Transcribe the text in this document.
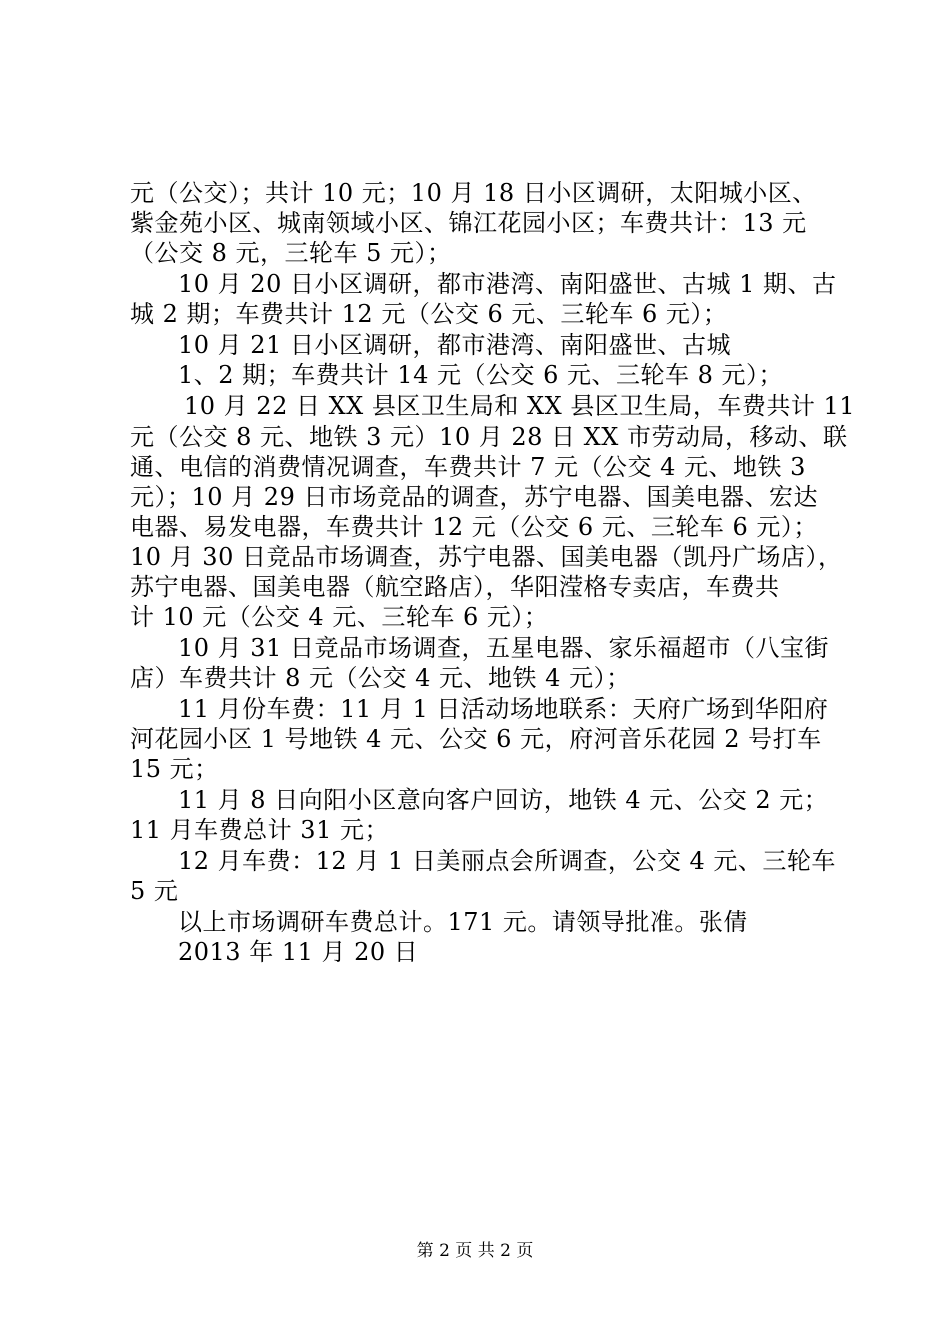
元（公交）；共计 10 元；10 月 18 日小区调研，太阳城小区、
紫金苑小区、城南领域小区、锦江花园小区；车费共计：13 元
（公交 8 元，三轮车 5 元）；
10 月 20 日小区调研，都市港湾、南阳盛世、古城 1 期、古
城 2 期；车费共计 12 元（公交 6 元、三轮车 6 元）；
10 月 21 日小区调研，都市港湾、南阳盛世、古城
1、2 期；车费共计 14 元（公交 6 元、三轮车 8 元）；
10 月 22 日 XX 县区卫生局和 XX 县区卫生局，车费共计 11
元（公交 8 元、地铁 3 元）10 月 28 日 XX 市劳动局，移动、联
通、电信的消费情况调查，车费共计 7 元（公交 4 元、地铁 3
元）；10 月 29 日市场竞品的调查，苏宁电器、国美电器、宏达
电器、易发电器，车费共计 12 元（公交 6 元、三轮车 6 元）；
10 月 30 日竞品市场调查，苏宁电器、国美电器（凯丹广场店），
苏宁电器、国美电器（航空路店），华阳滢格专卖店，车费共
计 10 元（公交 4 元、三轮车 6 元）；
10 月 31 日竞品市场调查，五星电器、家乐福超市（八宝街
店）车费共计 8 元（公交 4 元、地铁 4 元）；
11 月份车费：11 月 1 日活动场地联系：天府广场到华阳府
河花园小区 1 号地铁 4 元、公交 6 元，府河音乐花园 2 号打车
15 元；
11 月 8 日向阳小区意向客户回访，地铁 4 元、公交 2 元；
11 月车费总计 31 元；
12 月车费：12 月 1 日美丽点会所调查，公交 4 元、三轮车
5 元
以上市场调研车费总计。171 元。请领导批准。张倩
2013 年 11 月 20 日
第 2 页 共 2 页
